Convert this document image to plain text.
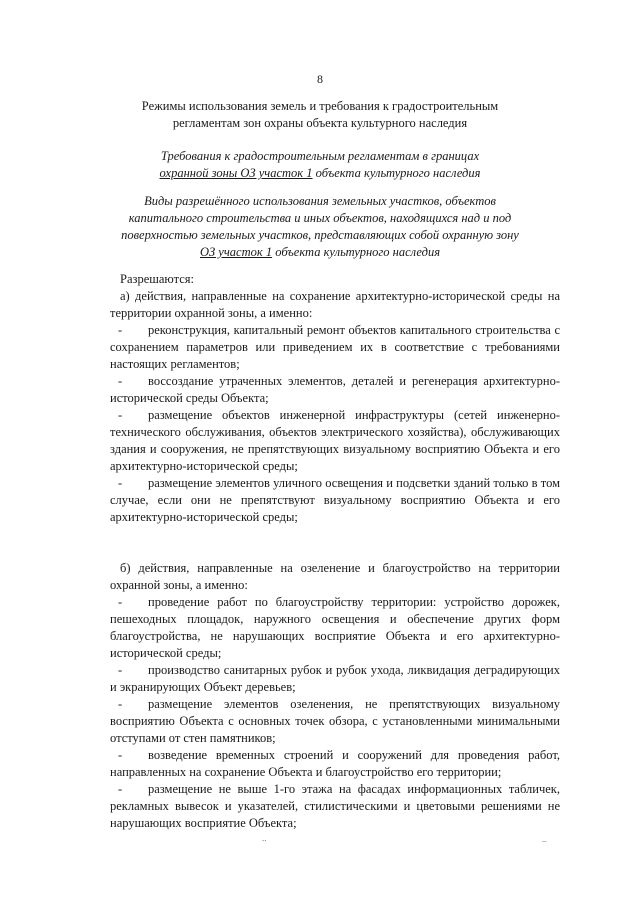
8
Режимы использования земель и требования к градостроительным
регламентам зон охраны объекта культурного наследия
Требования к градостроительным регламентам в границах
охранной зоны ОЗ участок 1 объекта культурного наследия
Виды разрешённого использования земельных участков, объектов
капитального строительства и иных объектов, находящихся над и под
поверхностью земельных участков, представляющих собой охранную зону
ОЗ участок 1 объекта культурного наследия

Разрешаются:

а) действия, направленные на сохранение архитектурно-исторической среды на территории охранной зоны, а именно:

- реконструкция, капитальный ремонт объектов капитального строительства с сохранением параметров или приведением их в соответствие с требованиями настоящих регламентов;

- воссоздание утраченных элементов, деталей и регенерация архитектурно-исторической среды Объекта;

- размещение объектов инженерной инфраструктуры (сетей инженерно- технического обслуживания, объектов электрического хозяйства), обслуживающих здания и сооружения, не препятствующих визуальному восприятию Объекта и его архитектурно-исторической среды;

- размещение элементов уличного освещения и подсветки зданий только в том случае, если они не препятствуют визуальному восприятию Объекта и его архитектурно-исторической среды;

б) действия, направленные на озеленение и благоустройство на территории охранной зоны, а именно:

- проведение работ по благоустройству территории: устройство дорожек, пешеходных площадок, наружного освещения и обеспечение других форм благоустройства, не нарушающих восприятие Объекта и его архитектурно-исторической среды;

- производство санитарных рубок и рубок ухода, ликвидация деградирующих и экранирующих Объект деревьев;

- размещение элементов озеленения, не препятствующих визуальному восприятию Объекта с основных точек обзора, с установленными минимальными отступами от стен памятников;

- возведение временных строений и сооружений для проведения работ, направленных на сохранение Объекта и благоустройство его территории;

- размещение не выше 1-го этажа на фасадах информационных табличек, рекламных вывесок и указателей, стилистическими и цветовыми решениями не нарушающих восприятие Объекта;

..	_
